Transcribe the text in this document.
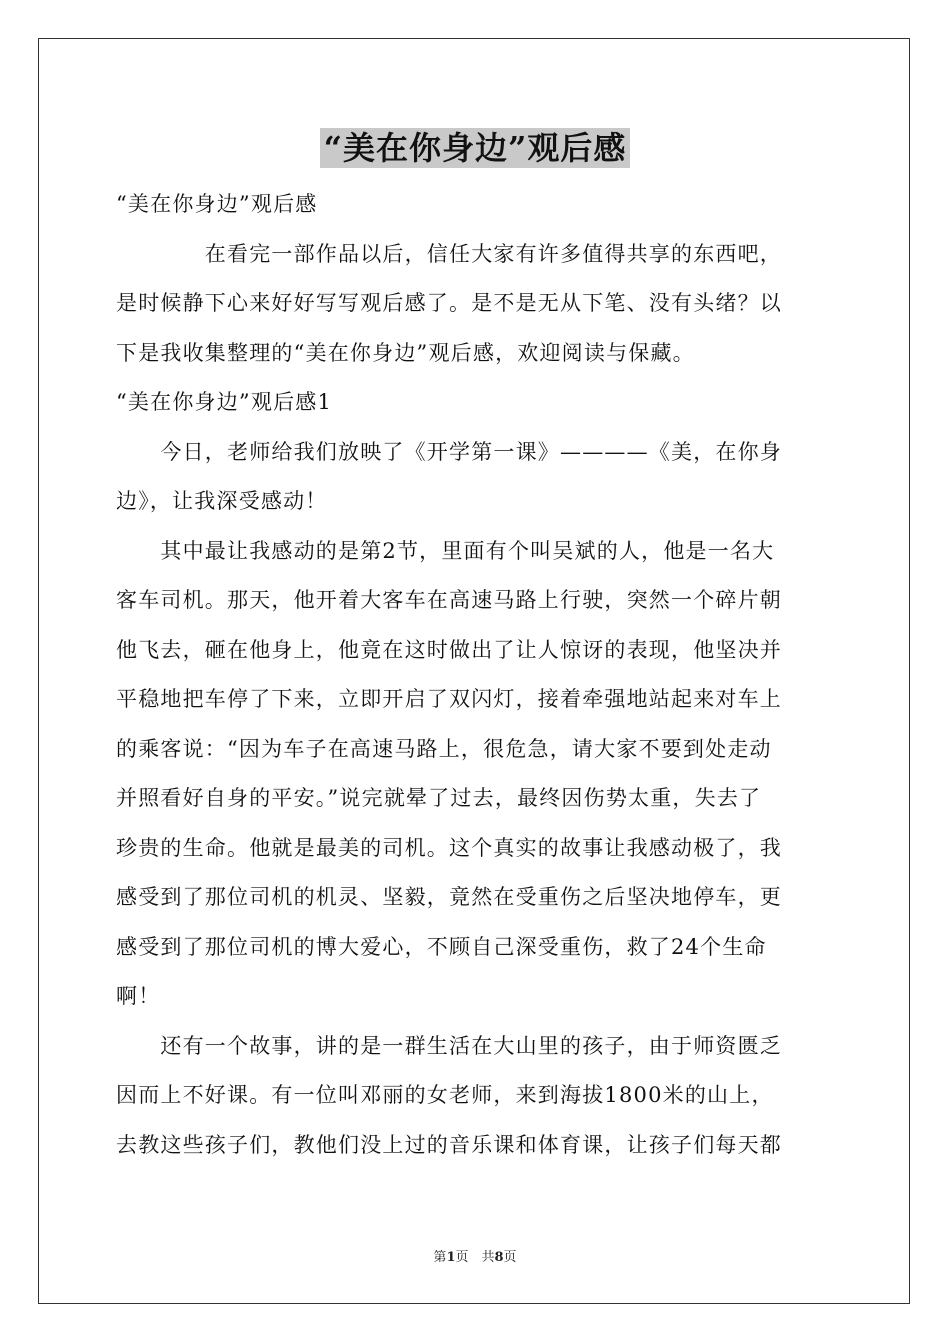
“美在你身边”观后感
“美在你身边”观后感
　　　　在看完一部作品以后，信任大家有许多值得共享的东西吧，
是时候静下心来好好写写观后感了。是不是无从下笔、没有头绪？以
下是我收集整理的“美在你身边”观后感，欢迎阅读与保藏。
“美在你身边”观后感1
　　今日，老师给我们放映了《开学第一课》————《美，在你身
边》，让我深受感动！
　　其中最让我感动的是第2节，里面有个叫吴斌的人，他是一名大
客车司机。那天，他开着大客车在高速马路上行驶，突然一个碎片朝
他飞去，砸在他身上，他竟在这时做出了让人惊讶的表现，他坚决并
平稳地把车停了下来，立即开启了双闪灯，接着牵强地站起来对车上
的乘客说：“因为车子在高速马路上，很危急，请大家不要到处走动
并照看好自身的平安。”说完就晕了过去，最终因伤势太重，失去了
珍贵的生命。他就是最美的司机。这个真实的故事让我感动极了，我
感受到了那位司机的机灵、坚毅，竟然在受重伤之后坚决地停车，更
感受到了那位司机的博大爱心，不顾自己深受重伤，救了24个生命
啊！
　　还有一个故事，讲的是一群生活在大山里的孩子，由于师资匮乏
因而上不好课。有一位叫邓丽的女老师，来到海拔1800米的山上，
去教这些孩子们，教他们没上过的音乐课和体育课，让孩子们每天都
第1页　共8页
